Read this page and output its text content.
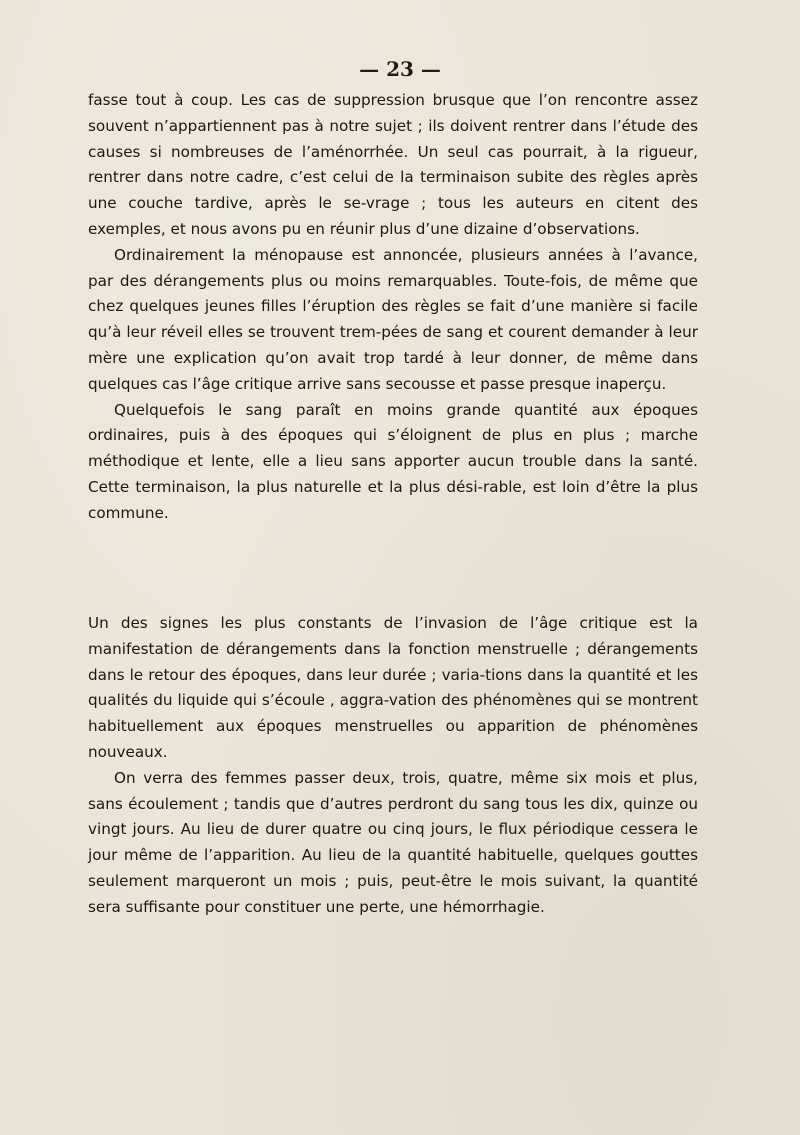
— 23 —

fasse tout à coup. Les cas de suppression brusque que l’on rencontre assez souvent n’appartiennent pas à notre sujet ; ils doivent rentrer dans l’étude des causes si nombreuses de l’aménorrhée. Un seul cas pourrait, à la rigueur, rentrer dans notre cadre, c’est celui de la terminaison subite des règles après une couche tardive, après le se-vrage ; tous les auteurs en citent des exemples, et nous avons pu en réunir plus d’une dizaine d’observations.

Ordinairement la ménopause est annoncée, plusieurs années à l’avance, par des dérangements plus ou moins remarquables. Toute-fois, de même que chez quelques jeunes filles l’éruption des règles se fait d’une manière si facile qu’à leur réveil elles se trouvent trem-pées de sang et courent demander à leur mère une explication qu’on avait trop tardé à leur donner, de même dans quelques cas l’âge critique arrive sans secousse et passe presque inaperçu.

Quelquefois le sang paraît en moins grande quantité aux époques ordinaires, puis à des époques qui s’éloignent de plus en plus ; marche méthodique et lente, elle a lieu sans apporter aucun trouble dans la santé. Cette terminaison, la plus naturelle et la plus dési-rable, est loin d’être la plus commune.

Un des signes les plus constants de l’invasion de l’âge critique est la manifestation de dérangements dans la fonction menstruelle ; dérangements dans le retour des époques, dans leur durée ; varia-tions dans la quantité et les qualités du liquide qui s’écoule , aggra-vation des phénomènes qui se montrent habituellement aux époques menstruelles ou apparition de phénomènes nouveaux.

On verra des femmes passer deux, trois, quatre, même six mois et plus, sans écoulement ; tandis que d’autres perdront du sang tous les dix, quinze ou vingt jours. Au lieu de durer quatre ou cinq jours, le flux périodique cessera le jour même de l’apparition. Au lieu de la quantité habituelle, quelques gouttes seulement marqueront un mois ; puis, peut-être le mois suivant, la quantité sera suffisante pour constituer une perte, une hémorrhagie.
